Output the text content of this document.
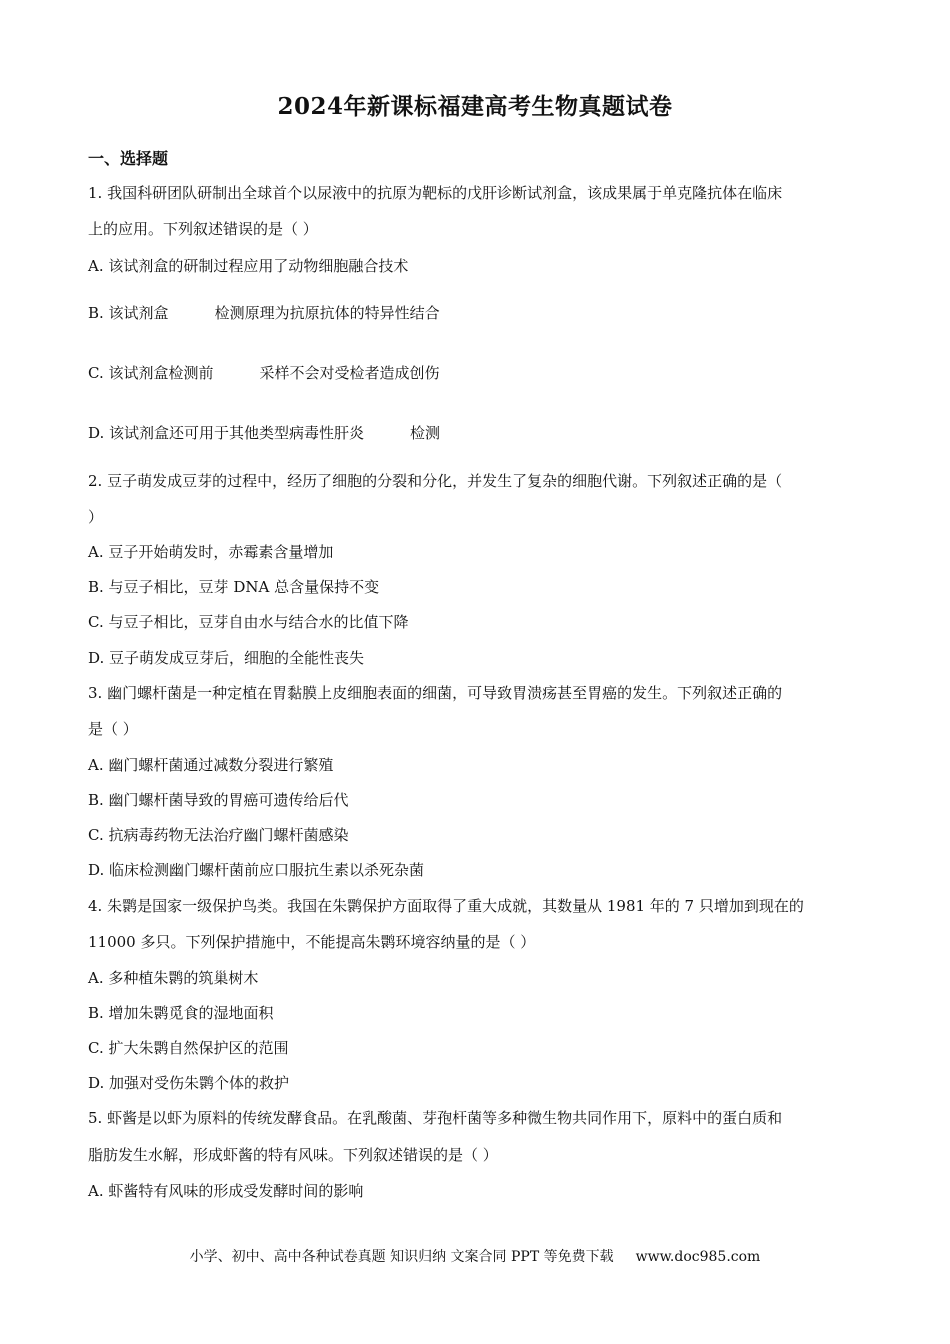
2024年新课标福建高考生物真题试卷
一、选择题
1. 我国科研团队研制出全球首个以尿液中的抗原为靶标的戊肝诊断试剂盒，该成果属于单克隆抗体在临床
上的应用。下列叙述错误的是（ ）
A. 该试剂盒的研制过程应用了动物细胞融合技术
B. 该试剂盒	检测原理为抗原抗体的特异性结合
C. 该试剂盒检测前	采样不会对受检者造成创伤
D. 该试剂盒还可用于其他类型病毒性肝炎	检测
2. 豆子萌发成豆芽的过程中，经历了细胞的分裂和分化，并发生了复杂的细胞代谢。下列叙述正确的是（
）
A. 豆子开始萌发时，赤霉素含量增加
B. 与豆子相比，豆芽 DNA 总含量保持不变
C. 与豆子相比，豆芽自由水与结合水的比值下降
D. 豆子萌发成豆芽后，细胞的全能性丧失
3. 幽门螺杆菌是一种定植在胃黏膜上皮细胞表面的细菌，可导致胃溃疡甚至胃癌的发生。下列叙述正确的
是（ ）
A. 幽门螺杆菌通过减数分裂进行繁殖
B. 幽门螺杆菌导致的胃癌可遗传给后代
C. 抗病毒药物无法治疗幽门螺杆菌感染
D. 临床检测幽门螺杆菌前应口服抗生素以杀死杂菌
4. 朱鹮是国家一级保护鸟类。我国在朱鹮保护方面取得了重大成就，其数量从 1981 年的 7 只增加到现在的
11000 多只。下列保护措施中，不能提高朱鹮环境容纳量的是（ ）
A. 多种植朱鹮的筑巢树木
B. 增加朱鹮觅食的湿地面积
C. 扩大朱鹮自然保护区的范围
D. 加强对受伤朱鹮个体的救护
5. 虾酱是以虾为原料的传统发酵食品。在乳酸菌、芽孢杆菌等多种微生物共同作用下，原料中的蛋白质和
脂肪发生水解，形成虾酱的特有风味。下列叙述错误的是（ ）
A. 虾酱特有风味的形成受发酵时间的影响
小学、初中、高中各种试卷真题 知识归纳 文案合同 PPT 等免费下载 www.doc985.com
